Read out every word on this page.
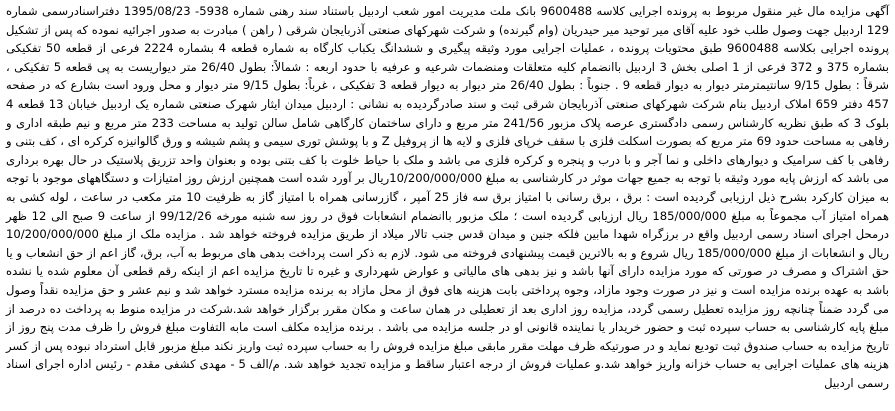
آگهی مزایده مال غیر منقول مربوط به پرونده اجرایی کلاسه 9600488 بانک ملت مدیریت امور شعب اردبیل باستناد سند رهنی شماره 5938- 1395/08/23 دفتراسنادرسمی شماره 129 اردبیل جهت وصول طلب خود علیه آقای میر توحید میر حیدریان (وام گیرنده) و شرکت شهرکهای صنعتی آذربایجان شرقی ( راهن ) مبادرت به صدور اجرائیه نموده که پس از تشکیل پرونده اجرایی بکلاسه 9600488 طبق محتویات پرونده ، عملیات اجرایی مورد وثیقه پیگیری و ششدانگ یکباب کارگاه به شماره قطعه 4 بشماره 2224 فرعی از قطعه 50 تفکیکی بشماره 375 و 372 فرعی از 1 اصلی بخش 3 اردبیل باانضمام کلیه متعلقات ومنضمات شرعیه و عرفیه با حدود اربعه : شمالاً: بطول 26/40 متر دیواریست به پی قطعه 5 تفکیکی ، شرقاً : بطول 9/15 سانتیمترمتر دیوار به دیوار قطعه 9 . جنوباً : بطول 26/40 متر دیوار به دیوار قطعه 3 تفکیکی ، غرباً: بطول 9/15 متر دیوار و محل ورود است بشارع که در صفحه 457 دفتر 659 املاک اردبیل بنام شرکت شهرکهای صنعتی آذربایجان شرقی ثبت و سند صادرگردیده به نشانی : اردبیل میدان ایثار شهرک صنعتی شماره یک اردبیل خیابان 13 قطعه 4 بلوک 3 که طبق نظریه کارشناس رسمی دادگستری عرصه پلاک مزبور 241/56 متر مربع و دارای ساختمان کارگاهی شامل سالن تولید به مساحت 233 متر مربع و نیم طبقه اداری و رفاهی به مساحت حدود 69 متر مربع که بصورت اسکلت فلزی با سقف خرپای فلزی و لایه ها از پروفیل Z و با پوشش توری سیمی و پشم شیشه و ورق گالوانیزه کرکره ای ، کف بتنی و رفاهی با کف سرامیک و دیوارهای داخلی و نما آجر و با درب و پنجره و کرکره فلزی می باشد و ملک با حیاط خلوت با کف بتنی بوده و بعنوان واحد تزریق پلاستیک در حال بهره برداری می باشد که ارزش پایه مورد وثیقه با توجه به جمیع جهات موثر در کارشناسی به مبلغ 10/200/000/000ریال بر آورد شده است همچنین ارزش روز امتیازات و دستگاههای موجود با توجه به میزان کارکرد بشرح ذیل ارزیابی گردیده است : برق ، برق رسانی با امتیاز برق سه فاز 25 آمپر ، گازرسانی همراه با امتیاز گاز به ظرفیت 10 متر مکعب در ساعت ، لوله کشی به همراه امتیاز آب مجموعاً به مبلغ 185/000/000 ریال ارزیابی گردیده است ؛ ملک مزبور باانضمام انشعابات فوق در روز سه شنبه مورخه 99/12/26 از ساعت 9 صبح الی 12 ظهر درمحل اجرای اسناد رسمی اردبیل واقع در برزگراه شهدا مابین فلکه جنین و میدان قدس جنب تالار میلاد از طریق مزایده فروخته خواهد شد . مزایده ملک از مبلغ 10/200/000/000 ریال و انشعابات از مبلغ 185/000/000 ریال شروع و به بالاترین قیمت پیشنهادی فروخته می شود. لازم به ذکر است پرداخت بدهی های مربوط به آب، برق، گاز اعم از حق انشعاب و یا حق اشتراک و مصرف در صورتی که مورد مزایده دارای آنها باشد و نیز بدهی های مالیاتی و عوارض شهرداری و غیره تا تاریخ مزایده اعم از اینکه رقم قطعی آن معلوم شده یا نشده باشد به عهده برنده مزایده است و نیز در صورت وجود مازاد، وجوه پرداختی بابت هزینه های فوق از محل مازاد به برنده مزایده مسترد خواهد شد و نیم عشر و حق مزایده نقداً وصول می گردد ضمناً چنانچه روز مزایده تعطیل رسمی گردد، مزایده روز اداری بعد از تعطیلی در همان ساعت و مکان مقرر برگزار خواهد شد.شرکت در مزایده منوط به پرداخت ده درصد از مبلغ پایه کارشناسی به حساب سپرده ثبت و حضور خریدار یا نماینده قانونی او در جلسه مزایده می باشد . برنده مزایده مکلف است مابه التفاوت مبلغ فروش را ظرف مدت پنج روز از تاریخ مزایده به حساب صندوق ثبت تودیع نماید و در صورتیکه ظرف مهلت مقرر مابقی مبلغ مزایده فروش را به حساب سپرده ثبت واریز نکند مبلغ مزبور قابل استرداد نبوده پس از کسر هزینه های عملیات اجرایی به حساب خزانه واریز خواهد شد.و عملیات فروش از درجه اعتبار ساقط و مزایده تجدید خواهد شد. م/الف 5 - مهدی کشفی مقدم - رئیس اداره اجرای اسناد رسمی اردبیل
